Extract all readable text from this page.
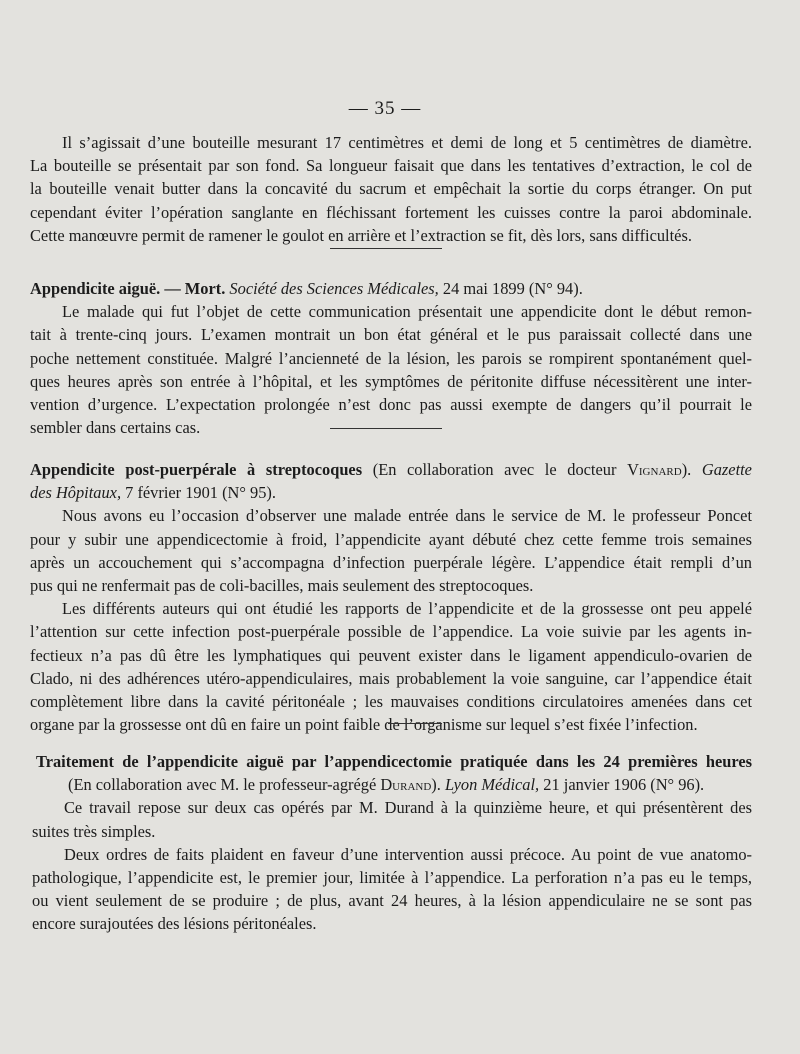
— 35 —
Il s’agissait d’une bouteille mesurant 17 centimètres et demi de long et 5 centimètres de diamètre.
La bouteille se présentait par son fond. Sa longueur faisait que dans les tentatives d’extraction, le col de
la bouteille venait butter dans la concavité du sacrum et empêchait la sortie du corps étranger. On put
cependant éviter l’opération sanglante en fléchissant fortement les cuisses contre la paroi abdominale.
Cette manœuvre permit de ramener le goulot en arrière et l’extraction se fit, dès lors, sans difficultés.
Appendicite aiguë. — Mort. Société des Sciences Médicales, 24 mai 1899 (N° 94).
Le malade qui fut l’objet de cette communication présentait une appendicite dont le début remon-
tait à trente-cinq jours. L’examen montrait un bon état général et le pus paraissait collecté dans une
poche nettement constituée. Malgré l’ancienneté de la lésion, les parois se rompirent spontanément quel-
ques heures après son entrée à l’hôpital, et les symptômes de péritonite diffuse nécessitèrent une inter-
vention d’urgence. L’expectation prolongée n’est donc pas aussi exempte de dangers qu’il pourrait le
sembler dans certains cas.
Appendicite post-puerpérale à streptocoques (En collaboration avec le docteur Vignard). Gazette
des Hôpitaux, 7 février 1901 (N° 95).
Nous avons eu l’occasion d’observer une malade entrée dans le service de M. le professeur Poncet
pour y subir une appendicectomie à froid, l’appendicite ayant débuté chez cette femme trois semaines
après un accouchement qui s’accompagna d’infection puerpérale légère. L’appendice était rempli d’un
pus qui ne renfermait pas de coli-bacilles, mais seulement des streptocoques.
Les différents auteurs qui ont étudié les rapports de l’appendicite et de la grossesse ont peu appelé
l’attention sur cette infection post-puerpérale possible de l’appendice. La voie suivie par les agents in-
fectieux n’a pas dû être les lymphatiques qui peuvent exister dans le ligament appendiculo-ovarien de
Clado, ni des adhérences utéro-appendiculaires, mais probablement la voie sanguine, car l’appendice était
complètement libre dans la cavité péritonéale ; les mauvaises conditions circulatoires amenées dans cet
organe par la grossesse ont dû en faire un point faible de l’organisme sur lequel s’est fixée l’infection.
Traitement de l’appendicite aiguë par l’appendicectomie pratiquée dans les 24 premières heures
(En collaboration avec M. le professeur-agrégé Durand). Lyon Médical, 21 janvier 1906 (N° 96).
Ce travail repose sur deux cas opérés par M. Durand à la quinzième heure, et qui présentèrent des
suites très simples.
Deux ordres de faits plaident en faveur d’une intervention aussi précoce. Au point de vue anatomo-
pathologique, l’appendicite est, le premier jour, limitée à l’appendice. La perforation n’a pas eu le temps,
ou vient seulement de se produire ; de plus, avant 24 heures, à la lésion appendiculaire ne se sont pas
encore surajoutées des lésions péritonéales.
